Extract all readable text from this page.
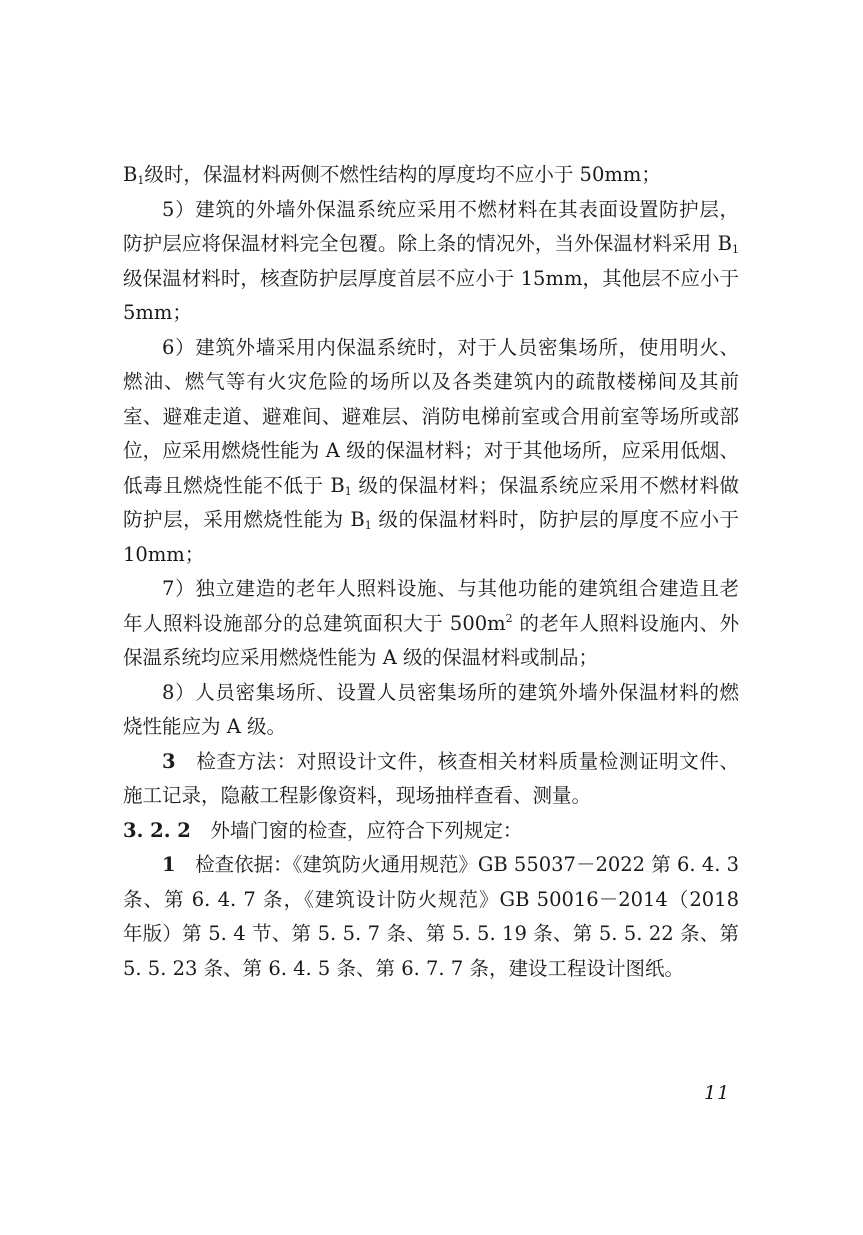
$B_1$级时，保温材料两侧不燃性结构的厚度均不应小于 50mm；

5）建筑的外墙外保温系统应采用不燃材料在其表面设置防护层，防护层应将保温材料完全包覆。除上条的情况外，当外保温材料采用 $B_1$ 级保温材料时，核查防护层厚度首层不应小于 15mm，其他层不应小于 5mm；

6）建筑外墙采用内保温系统时，对于人员密集场所，使用明火、燃油、燃气等有火灾危险的场所以及各类建筑内的疏散楼梯间及其前室、避难走道、避难间、避难层、消防电梯前室或合用前室等场所或部位，应采用燃烧性能为 A 级的保温材料；对于其他场所，应采用低烟、低毒且燃烧性能不低于 $B_1$ 级的保温材料；保温系统应采用不燃材料做防护层，采用燃烧性能为 $B_1$ 级的保温材料时，防护层的厚度不应小于 10mm；

7）独立建造的老年人照料设施、与其他功能的建筑组合建造且老年人照料设施部分的总建筑面积大于 $500m^2$ 的老年人照料设施内、外保温系统均应采用燃烧性能为 A 级的保温材料或制品；

8）人员密集场所、设置人员密集场所的建筑外墙外保温材料的燃烧性能应为 A 级。

3　检查方法：对照设计文件，核查相关材料质量检测证明文件、施工记录，隐蔽工程影像资料，现场抽样查看、测量。

3. 2. 2　外墙门窗的检查，应符合下列规定：

1　检查依据：《建筑防火通用规范》GB 55037－2022 第 6. 4. 3 条、第 6. 4. 7 条，《建筑设计防火规范》GB 50016－2014（2018 年版）第 5. 4 节、第 5. 5. 7 条、第 5. 5. 19 条、第 5. 5. 22 条、第 5. 5. 23 条、第 6. 4. 5 条、第 6. 7. 7 条，建设工程设计图纸。

11
